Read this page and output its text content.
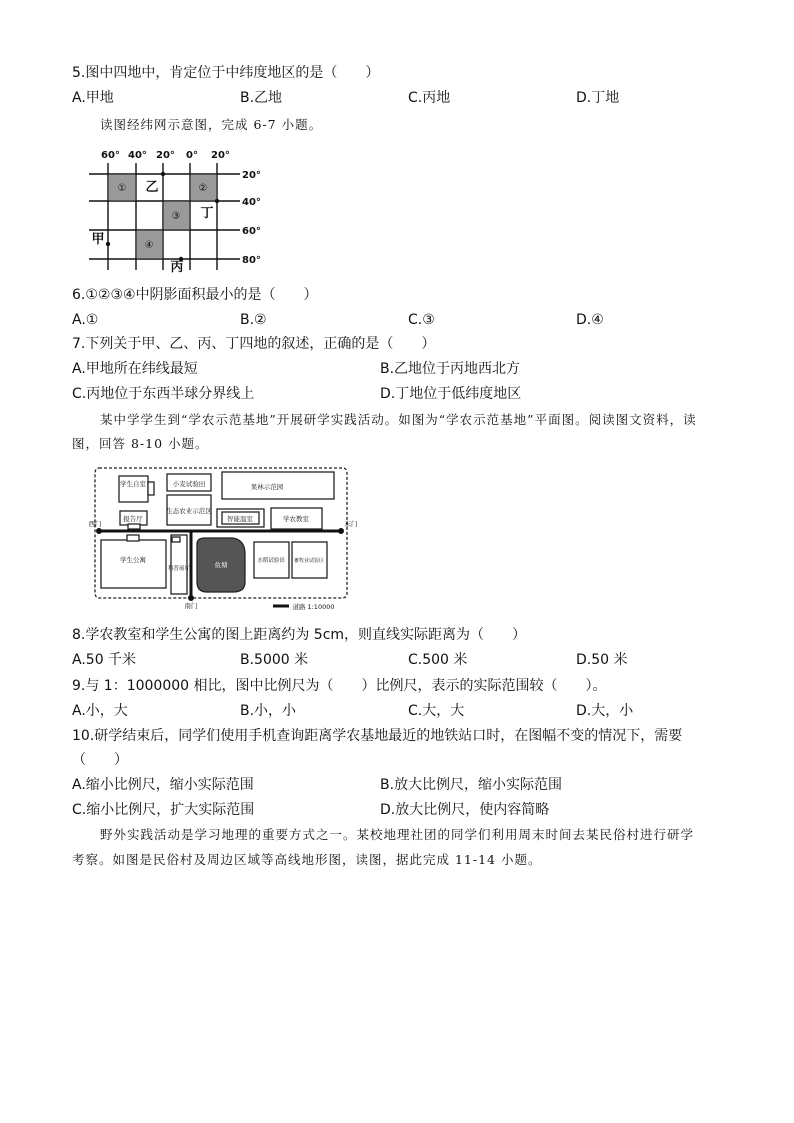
5.图中四地中，肯定位于中纬度地区的是（　　）
A.甲地	B.乙地	C.丙地	D.丁地
读图经纬网示意图，完成 6-7 小题。
60° 40° 20° 0° 20°
20°
40°
60°
80°
①	②
③
④
甲
乙
丙
丁
6.①②③④中阴影面积最小的是（　　）
A.①	B.②	C.③	D.④
7.下列关于甲、乙、丙、丁四地的叙述，正确的是（　　）
A.甲地所在纬线最短	B.乙地位于丙地西北方
C.丙地位于东西半球分界线上	D.丁地位于低纬度地区
某中学学生到“学农示范基地”开展研学实践活动。如图为“学农示范基地”平面图。阅读图文资料，读
图，回答 8-10 小题。
学生自室	小麦试验田	果林示范园
报告厅
生态农业示范区
智能温室	学农教室
学生公寓
科普展厅	鱼塘	水稻试验田 畜牧业试验区
西门	东门
南门	道路 1:10000
8.学农教室和学生公寓的图上距离约为 5cm，则直线实际距离为（　　）
A.50 千米	B.5000 米	C.500 米	D.50 米
9.与 1：1000000 相比，图中比例尺为（　　）比例尺，表示的实际范围较（　　）。
A.小，大	B.小，小	C.大，大	D.大，小
10.研学结束后，同学们使用手机查询距离学农基地最近的地铁站口时，在图幅不变的情况下，需要
（　　）
A.缩小比例尺，缩小实际范围	B.放大比例尺，缩小实际范围
C.缩小比例尺，扩大实际范围	D.放大比例尺，使内容简略
野外实践活动是学习地理的重要方式之一。某校地理社团的同学们利用周末时间去某民俗村进行研学
考察。如图是民俗村及周边区域等高线地形图，读图，据此完成 11-14 小题。
